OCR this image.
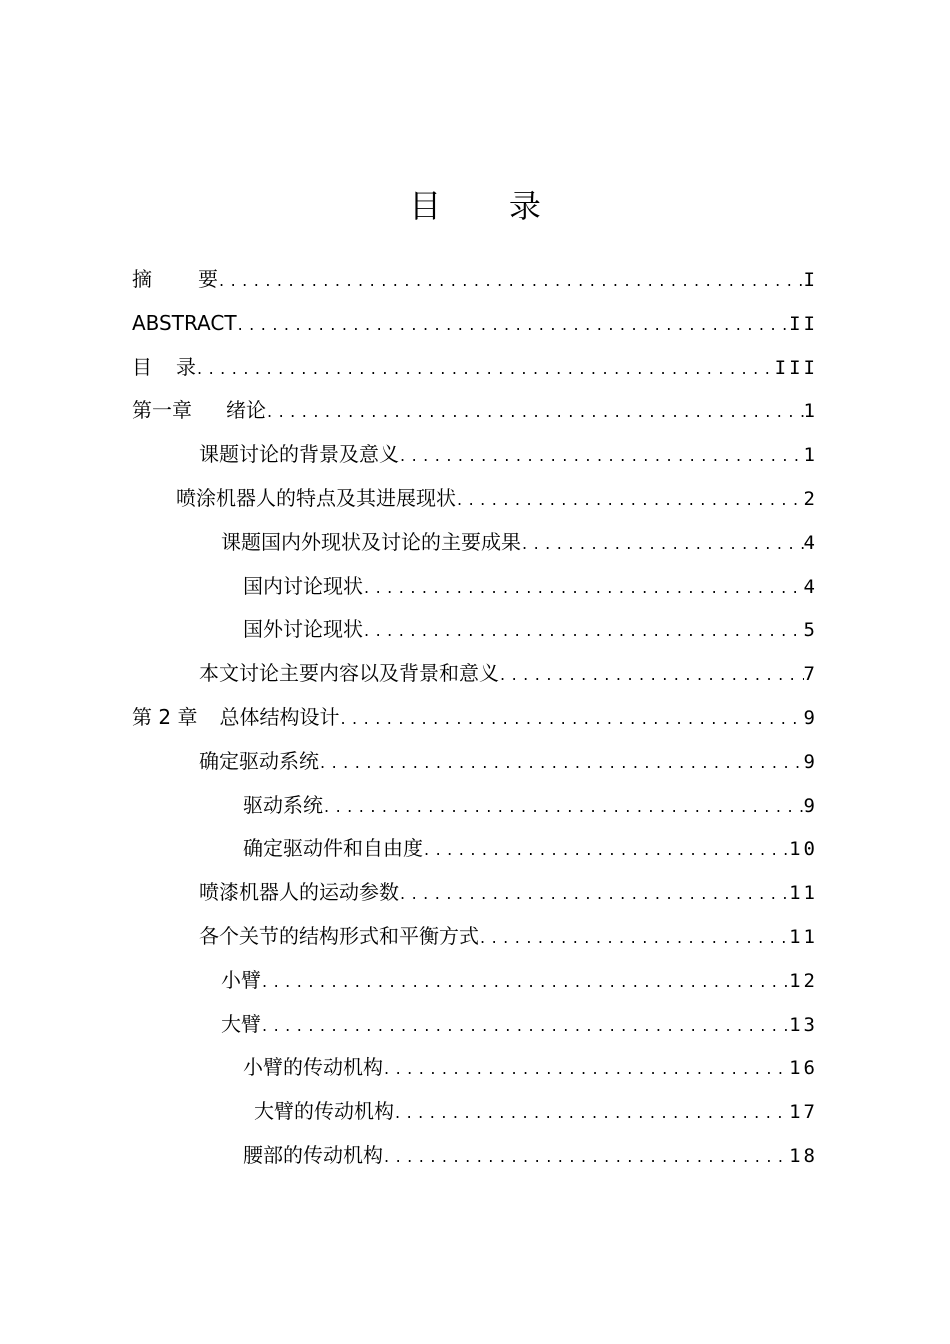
目 录
摘 要 .....	I
ABSTRACT .....	II
目 录 .....	III
第一章 绪论 .....	1
课题讨论的背景及意义 .....	1
喷涂机器人的特点及其进展现状 .....	2
课题国内外现状及讨论的主要成果 .....	4
国内讨论现状 .....	4
国外讨论现状 .....	5
本文讨论主要内容以及背景和意义 .....	7
第 2 章 总体结构设计 .....	9
确定驱动系统 .....	9
驱动系统 .....	9
确定驱动件和自由度 .....	10
喷漆机器人的运动参数 .....	11
各个关节的结构形式和平衡方式 .....	11
小臂 .....	12
大臂 .....	13
小臂的传动机构 .....	16
大臂的传动机构 .....	17
腰部的传动机构 .....	18
